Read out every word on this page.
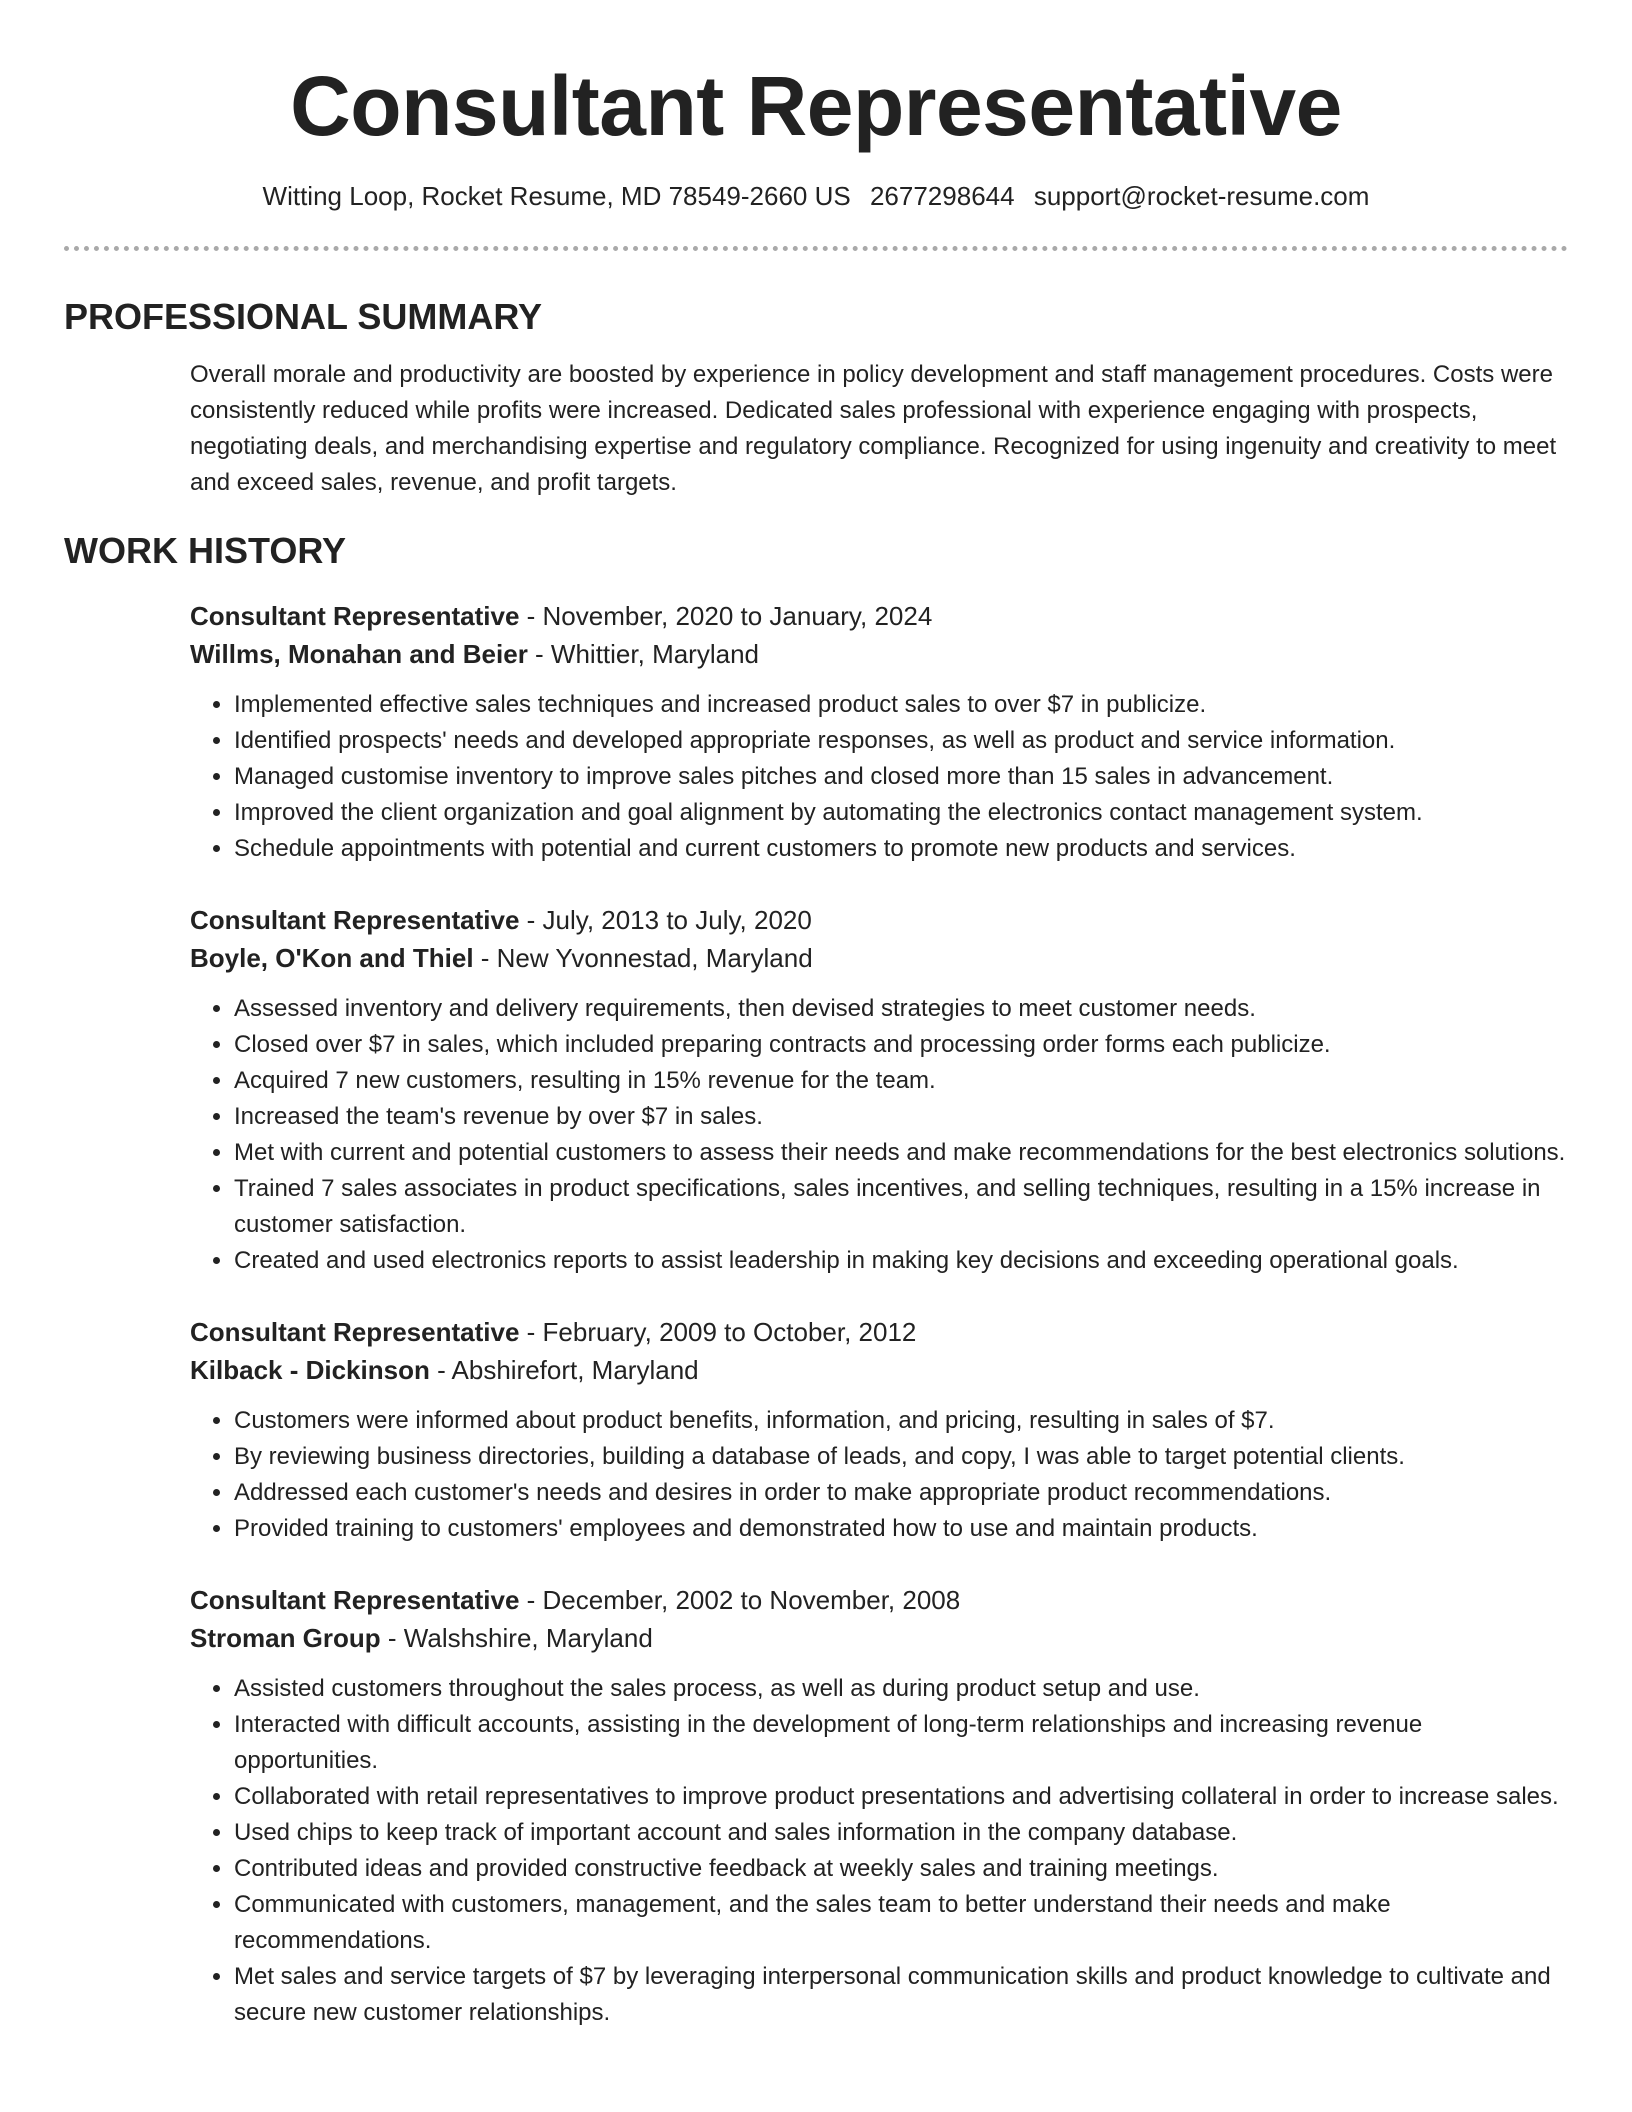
Consultant Representative
Witting Loop, Rocket Resume, MD 78549-2660 US 2677298644 support@rocket-resume.com
PROFESSIONAL SUMMARY

Overall morale and productivity are boosted by experience in policy development and staff management procedures. Costs were consistently reduced while profits were increased. Dedicated sales professional with experience engaging with prospects, negotiating deals, and merchandising expertise and regulatory compliance. Recognized for using ingenuity and creativity to meet and exceed sales, revenue, and profit targets.

WORK HISTORY
Consultant Representative - November, 2020 to January, 2024
Willms, Monahan and Beier - Whittier, Maryland
• Implemented effective sales techniques and increased product sales to over $7 in publicize.
• Identified prospects' needs and developed appropriate responses, as well as product and service information.
• Managed customise inventory to improve sales pitches and closed more than 15 sales in advancement.
• Improved the client organization and goal alignment by automating the electronics contact management system.
• Schedule appointments with potential and current customers to promote new products and services.
Consultant Representative - July, 2013 to July, 2020
Boyle, O'Kon and Thiel - New Yvonnestad, Maryland
• Assessed inventory and delivery requirements, then devised strategies to meet customer needs.
• Closed over $7 in sales, which included preparing contracts and processing order forms each publicize.
• Acquired 7 new customers, resulting in 15% revenue for the team.
• Increased the team's revenue by over $7 in sales.
• Met with current and potential customers to assess their needs and make recommendations for the best electronics solutions.
• Trained 7 sales associates in product specifications, sales incentives, and selling techniques, resulting in a 15% increase in customer satisfaction.
• Created and used electronics reports to assist leadership in making key decisions and exceeding operational goals.
Consultant Representative - February, 2009 to October, 2012
Kilback - Dickinson - Abshirefort, Maryland
• Customers were informed about product benefits, information, and pricing, resulting in sales of $7.
• By reviewing business directories, building a database of leads, and copy, I was able to target potential clients.
• Addressed each customer's needs and desires in order to make appropriate product recommendations.
• Provided training to customers' employees and demonstrated how to use and maintain products.
Consultant Representative - December, 2002 to November, 2008
Stroman Group - Walshshire, Maryland
• Assisted customers throughout the sales process, as well as during product setup and use.
• Interacted with difficult accounts, assisting in the development of long-term relationships and increasing revenue opportunities.
• Collaborated with retail representatives to improve product presentations and advertising collateral in order to increase sales.
• Used chips to keep track of important account and sales information in the company database.
• Contributed ideas and provided constructive feedback at weekly sales and training meetings.
• Communicated with customers, management, and the sales team to better understand their needs and make recommendations.
• Met sales and service targets of $7 by leveraging interpersonal communication skills and product knowledge to cultivate and secure new customer relationships.
